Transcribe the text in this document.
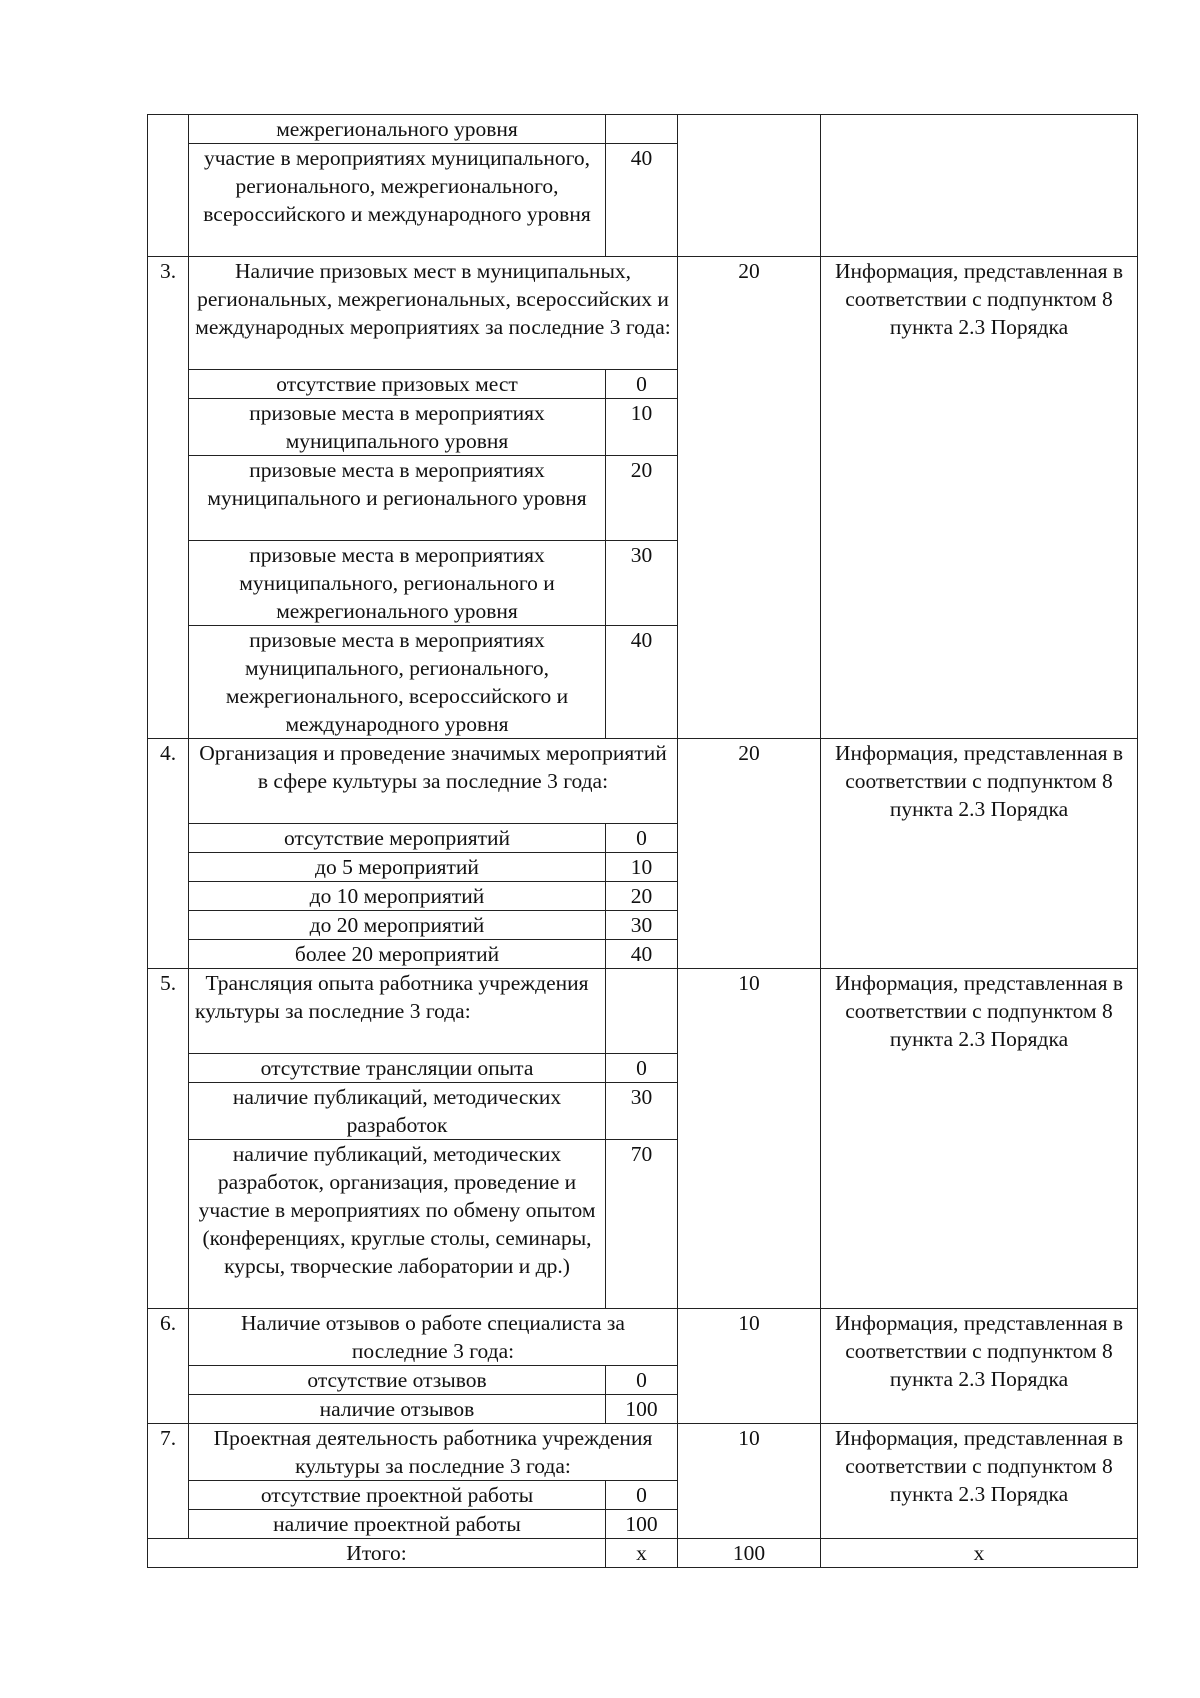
	межрегионального уровня			
	участие в мероприятиях муниципального, регионального, межрегионального, всероссийского и международного уровня	40		
3.	Наличие призовых мест в муниципальных, региональных, межрегиональных, всероссийских и международных мероприятиях за последние 3 года:		20	Информация, представленная в соответствии с подпунктом 8 пункта 2.3 Порядка
	отсутствие призовых мест	0		
	призовые места в мероприятиях муниципального уровня	10		
	призовые места в мероприятиях муниципального и регионального уровня	20		
	призовые места в мероприятиях муниципального, регионального и межрегионального уровня	30		
	призовые места в мероприятиях муниципального, регионального, межрегионального, всероссийского и международного уровня	40		
4.	Организация и проведение значимых мероприятий в сфере культуры за последние 3 года:		20	Информация, представленная в соответствии с подпунктом 8 пункта 2.3 Порядка
	отсутствие мероприятий	0		
	до 5 мероприятий	10		
	до 10 мероприятий	20		
	до 20 мероприятий	30		
	более 20 мероприятий	40		
5.	Трансляция опыта работника учреждения культуры за последние 3 года:		10	Информация, представленная в соответствии с подпунктом 8 пункта 2.3 Порядка
	отсутствие трансляции опыта	0		
	наличие публикаций, методических разработок	30		
	наличие публикаций, методических разработок, организация, проведение и участие в мероприятиях по обмену опытом (конференциях, круглые столы, семинары, курсы, творческие лаборатории и др.)	70		
6.	Наличие отзывов о работе специалиста за последние 3 года:		10	Информация, представленная в соответствии с подпунктом 8 пункта 2.3 Порядка
	отсутствие отзывов	0		
	наличие отзывов	100		
7.	Проектная деятельность работника учреждения культуры за последние 3 года:		10	Информация, представленная в соответствии с подпунктом 8 пункта 2.3 Порядка
	отсутствие проектной работы	0		
	наличие проектной работы	100		
Итого:		х	100	х
